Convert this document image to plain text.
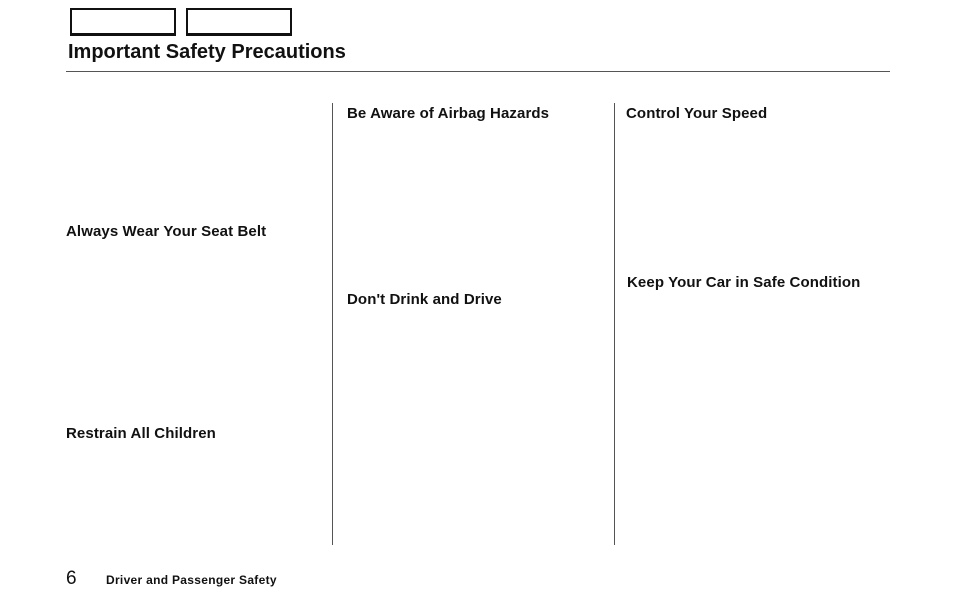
Important Safety Precautions
Always Wear Your Seat Belt
Restrain All Children
Be Aware of Airbag Hazards
Don't Drink and Drive
Control Your Speed
Keep Your Car in Safe Condition
6 Driver and Passenger Safety
